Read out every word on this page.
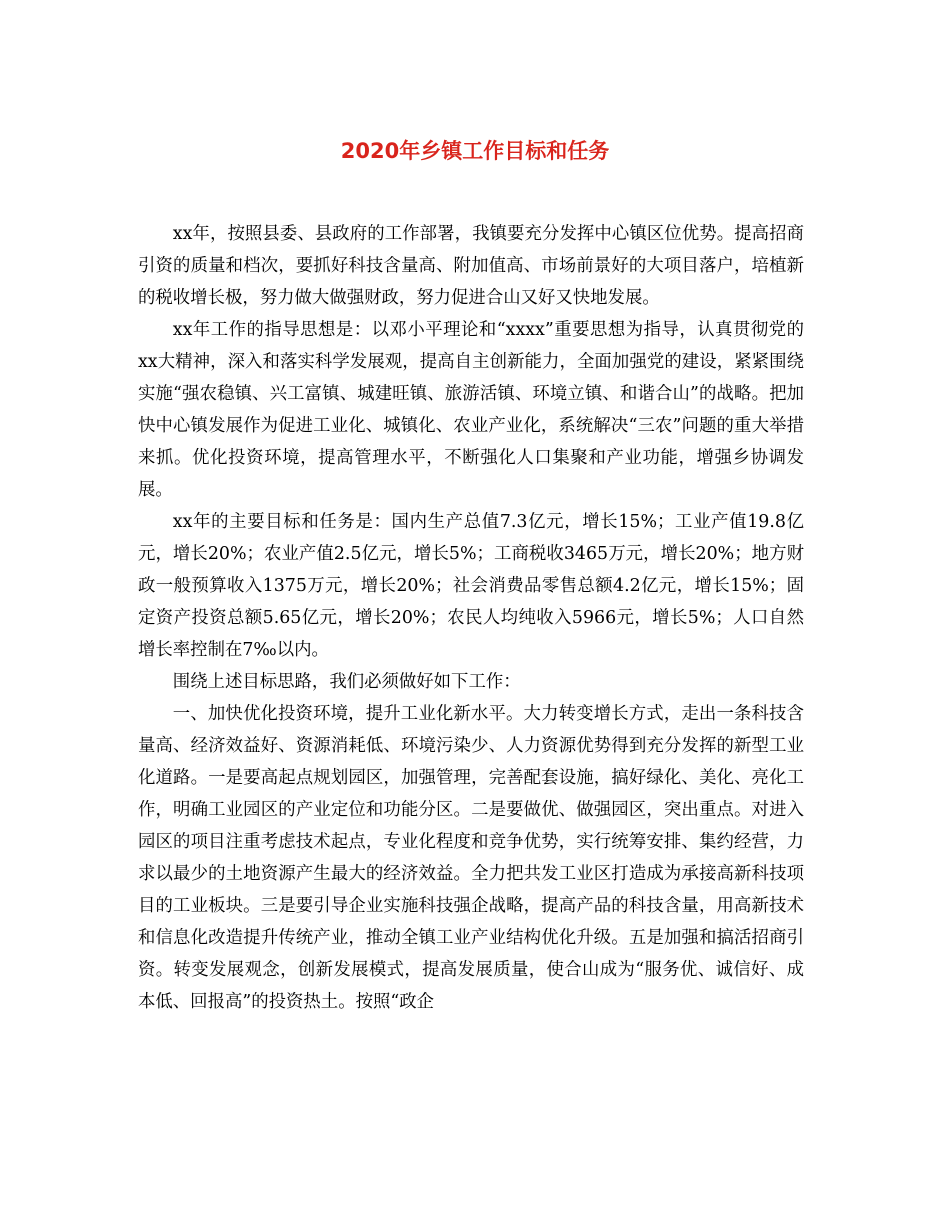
2020年乡镇工作目标和任务

xx年，按照县委、县政府的工作部署，我镇要充分发挥中心镇区位优势。提高招商引资的质量和档次，要抓好科技含量高、附加值高、市场前景好的大项目落户，培植新的税收增长极，努力做大做强财政，努力促进合山又好又快地发展。

xx年工作的指导思想是：以邓小平理论和“xxxx”重要思想为指导，认真贯彻党的xx大精神，深入和落实科学发展观，提高自主创新能力，全面加强党的建设，紧紧围绕实施“强农稳镇、兴工富镇、城建旺镇、旅游活镇、环境立镇、和谐合山”的战略。把加快中心镇发展作为促进工业化、城镇化、农业产业化，系统解决“三农”问题的重大举措来抓。优化投资环境，提高管理水平，不断强化人口集聚和产业功能，增强乡协调发展。

xx年的主要目标和任务是：国内生产总值7.3亿元，增长15%；工业产值19.8亿元，增长20%；农业产值2.5亿元，增长5%；工商税收3465万元，增长20%；地方财政一般预算收入1375万元，增长20%；社会消费品零售总额4.2亿元，增长15%；固定资产投资总额5.65亿元，增长20%；农民人均纯收入5966元，增长5%；人口自然增长率控制在7‰以内。

围绕上述目标思路，我们必须做好如下工作：

一、加快优化投资环境，提升工业化新水平。大力转变增长方式，走出一条科技含量高、经济效益好、资源消耗低、环境污染少、人力资源优势得到充分发挥的新型工业化道路。一是要高起点规划园区，加强管理，完善配套设施，搞好绿化、美化、亮化工作，明确工业园区的产业定位和功能分区。二是要做优、做强园区，突出重点。对进入园区的项目注重考虑技术起点，专业化程度和竞争优势，实行统筹安排、集约经营，力求以最少的土地资源产生最大的经济效益。全力把共发工业区打造成为承接高新科技项目的工业板块。三是要引导企业实施科技强企战略，提高产品的科技含量，用高新技术和信息化改造提升传统产业，推动全镇工业产业结构优化升级。五是加强和搞活招商引资。转变发展观念，创新发展模式，提高发展质量，使合山成为“服务优、诚信好、成本低、回报高”的投资热土。按照“政企
